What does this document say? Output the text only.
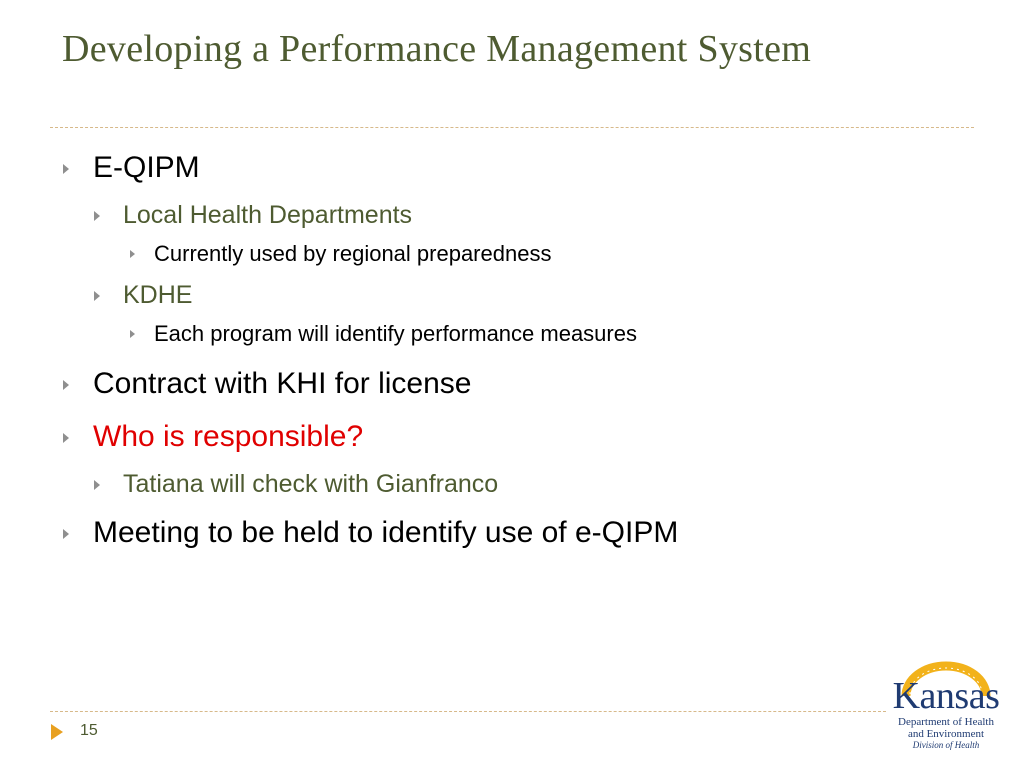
Developing a Performance Management System
E-QIPM
Local Health Departments
Currently used by regional preparedness
KDHE
Each program will identify performance measures
Contract with KHI for license
Who is responsible?
Tatiana will check with Gianfranco
Meeting to be held to identify use of e-QIPM
15
Kansas
Department of Health
and Environment
Division of Health
